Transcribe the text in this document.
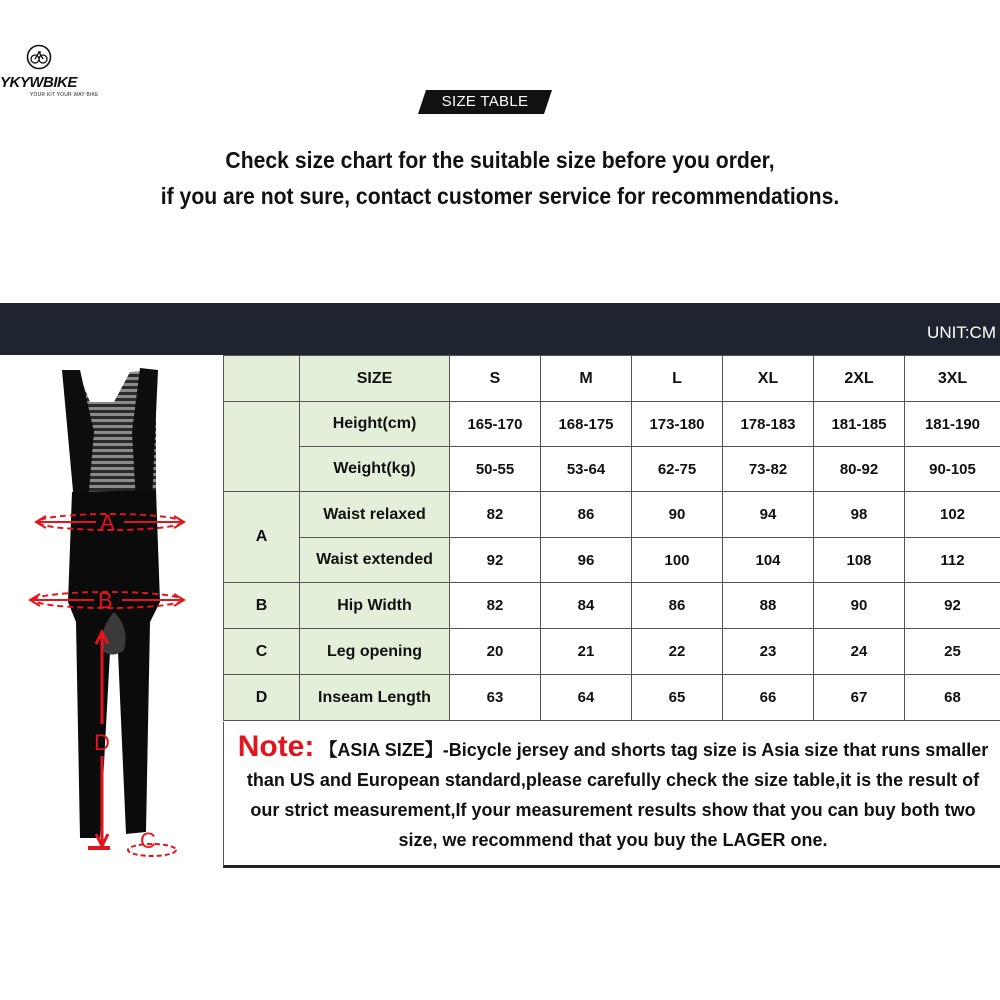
YKYWBIKE
YOUR KIT YOUR WAY BIKE	SIZE TABLE
Check size chart for the suitable size before you order,
if you are not sure, contact customer service for recommendations.
UNIT:CM
A
B
D
C
	SIZE	S	M	L	XL	2XL	3XL
	Height(cm)	165-170	168-175	173-180	178-183	181-185	181-190
	Weight(kg)	50-55	53-64	62-75	73-82	80-92	90-105
A	Waist relaxed	82	86	90	94	98	102
	Waist extended	92	96	100	104	108	112
B	Hip Width	82	84	86	88	90	92
C	Leg opening	20	21	22	23	24	25
D	Inseam Length	63	64	65	66	67	68
Note: 【ASIA SIZE】-Bicycle jersey and shorts tag size is Asia size that runs smaller than US and European standard,please carefully check the size table,it is the result of our strict measurement,If your measurement results show that you can buy both two size, we recommend that you buy the LAGER one.
